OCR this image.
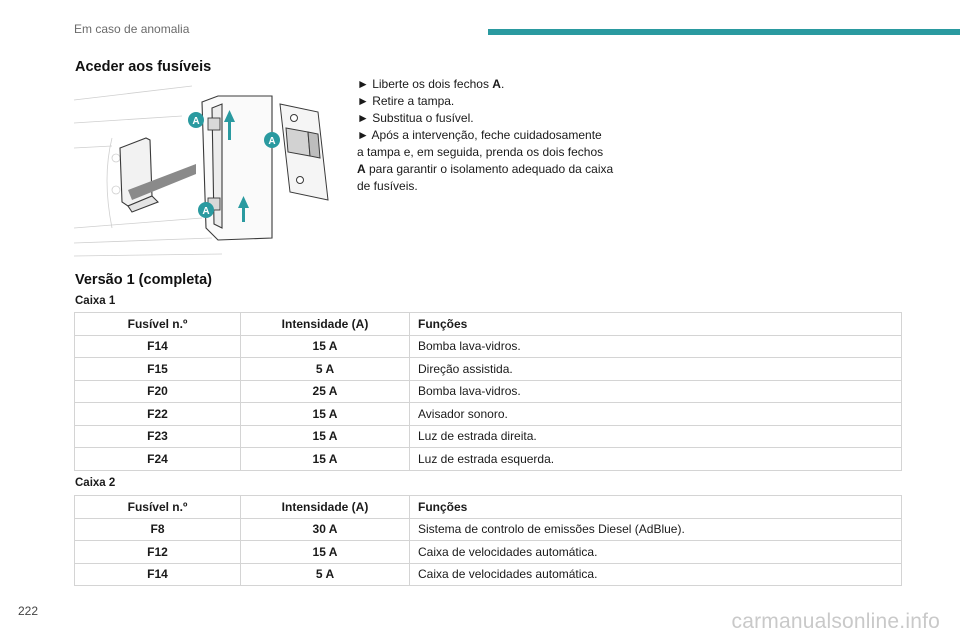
Em caso de anomalia
Aceder aos fusíveis
A
A
A
► Liberte os dois fechos A.
► Retire a tampa.
► Substitua o fusível.
► Após a intervenção, feche cuidadosamente
a tampa e, em seguida, prenda os dois fechos
A para garantir o isolamento adequado da caixa
de fusíveis.
Versão 1 (completa)
Caixa 1
Fusível n.º	Intensidade (A)	Funções
F14	15 A	Bomba lava-vidros.
F15	5 A	Direção assistida.
F20	25 A	Bomba lava-vidros.
F22	15 A	Avisador sonoro.
F23	15 A	Luz de estrada direita.
F24	15 A	Luz de estrada esquerda.
Caixa 2
Fusível n.º	Intensidade (A)	Funções
F8	30 A	Sistema de controlo de emissões Diesel (AdBlue).
F12	15 A	Caixa de velocidades automática.
F14	5 A	Caixa de velocidades automática.
222	carmanualsonline.info
